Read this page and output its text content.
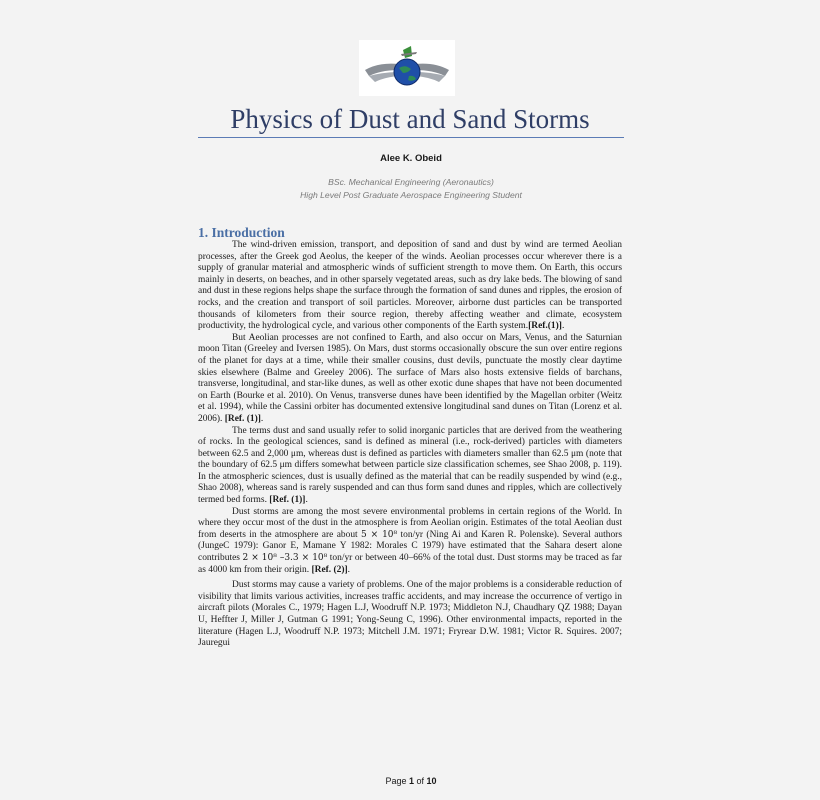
Physics of Dust and Sand Storms
Alee K. Obeid
BSc. Mechanical Engineering (Aeronautics)
High Level Post Graduate Aerospace Engineering Student
1. Introduction

The wind-driven emission, transport, and deposition of sand and dust by wind are termed Aeolian processes, after the Greek god Aeolus, the keeper of the winds. Aeolian processes occur wherever there is a supply of granular material and atmospheric winds of sufficient strength to move them. On Earth, this occurs mainly in deserts, on beaches, and in other sparsely vegetated areas, such as dry lake beds. The blowing of sand and dust in these regions helps shape the surface through the formation of sand dunes and ripples, the erosion of rocks, and the creation and transport of soil particles. Moreover, airborne dust particles can be transported thousands of kilometers from their source region, thereby affecting weather and climate, ecosystem productivity, the hydrological cycle, and various other components of the Earth system.[Ref.(1)].

But Aeolian processes are not confined to Earth, and also occur on Mars, Venus, and the Saturnian moon Titan (Greeley and Iversen 1985). On Mars, dust storms occasionally obscure the sun over entire regions of the planet for days at a time, while their smaller cousins, dust devils, punctuate the mostly clear daytime skies elsewhere (Balme and Greeley 2006). The surface of Mars also hosts extensive fields of barchans, transverse, longitudinal, and star-like dunes, as well as other exotic dune shapes that have not been documented on Earth (Bourke et al. 2010). On Venus, transverse dunes have been identified by the Magellan orbiter (Weitz et al. 1994), while the Cassini orbiter has documented extensive longitudinal sand dunes on Titan (Lorenz et al. 2006). [Ref. (1)].

The terms dust and sand usually refer to solid inorganic particles that are derived from the weathering of rocks. In the geological sciences, sand is defined as mineral (i.e., rock-derived) particles with diameters between 62.5 and 2,000 μm, whereas dust is defined as particles with diameters smaller than 62.5 μm (note that the boundary of 62.5 μm differs somewhat between particle size classification schemes, see Shao 2008, p. 119). In the atmospheric sciences, dust is usually defined as the material that can be readily suspended by wind (e.g., Shao 2008), whereas sand is rarely suspended and can thus form sand dunes and ripples, which are collectively termed bed forms. [Ref. (1)].

Dust storms are among the most severe environmental problems in certain regions of the World. In where they occur most of the dust in the atmosphere is from Aeolian origin. Estimates of the total Aeolian dust from deserts in the atmosphere are about 5 × 10⁸ ton/yr (Ning Ai and Karen R. Polenske). Several authors (JungeC 1979): Ganor E, Mamane Y 1982: Morales C 1979) have estimated that the Sahara desert alone contributes 2 × 10⁸ –3.3 × 10⁸ ton/yr or between 40–66% of the total dust. Dust storms may be traced as far as 4000 km from their origin. [Ref. (2)].

Dust storms may cause a variety of problems. One of the major problems is a considerable reduction of visibility that limits various activities, increases traffic accidents, and may increase the occurrence of vertigo in aircraft pilots (Morales C., 1979; Hagen L.J, Woodruff N.P. 1973; Middleton N.J, Chaudhary QZ 1988; Dayan U, Heffter J, Miller J, Gutman G 1991; Yong-Seung C, 1996). Other environmental impacts, reported in the literature (Hagen L.J, Woodruff N.P. 1973; Mitchell J.M. 1971; Fryrear D.W. 1981; Victor R. Squires. 2007; Jauregui

Page 1 of 10
